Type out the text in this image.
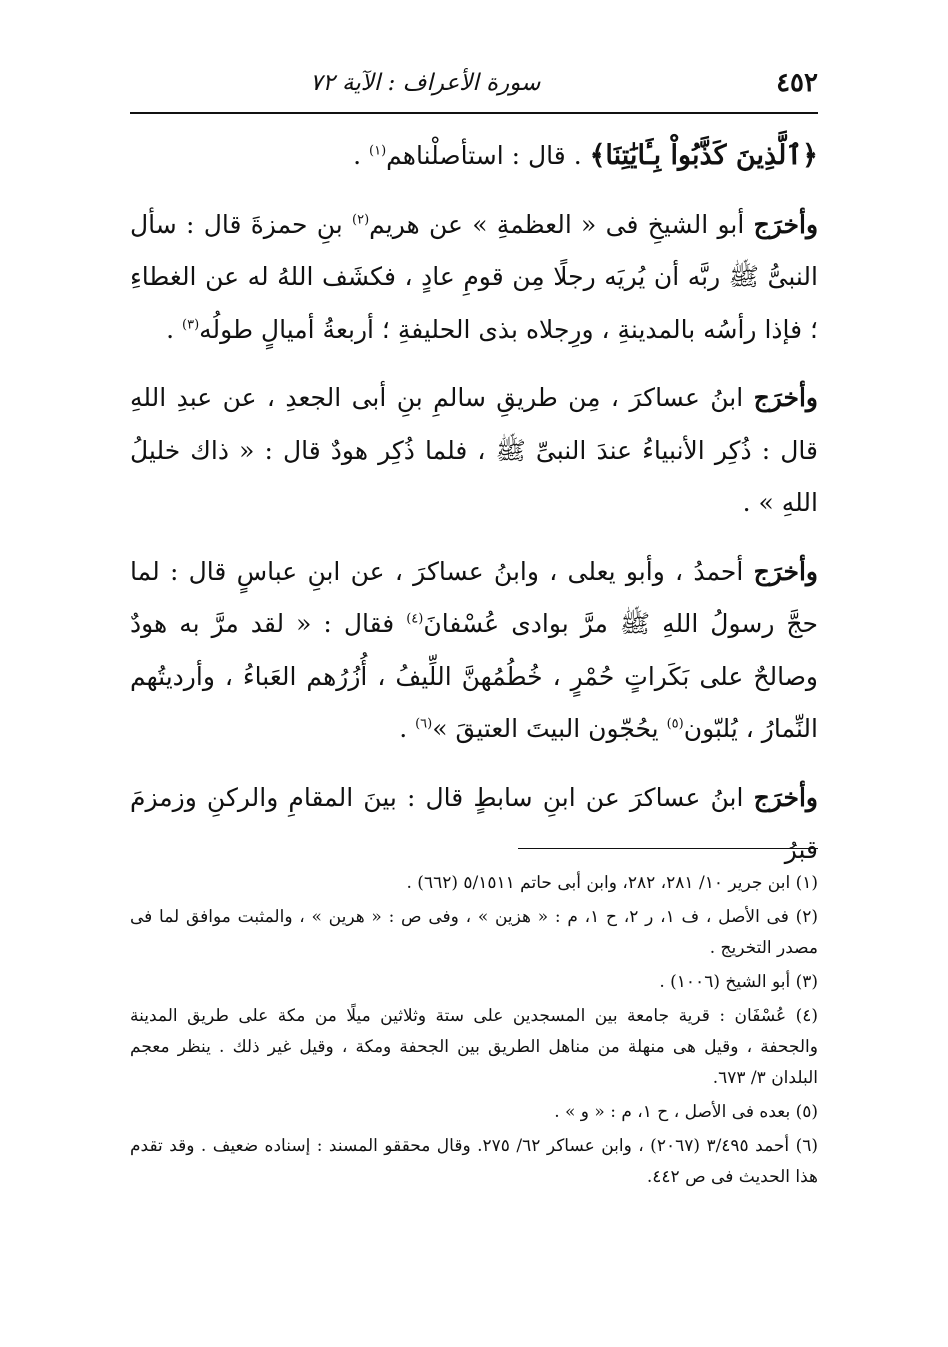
٤٥٢
سورة الأعراف : الآية ٧٢

﴿ٱلَّذِينَ كَذَّبُواْ بِـَٔايَٰتِنَا﴾ . قال : استأصلْناهم$^{(١)}$ .

وأخرَج أبو الشيخِ فى « العظمةِ » عن هريم$^{(٢)}$ بنِ حمزةَ قال : سأل النبىُّ ﷺ ربَّه أن يُريَه رجلًا مِن قومِ عادٍ ، فكشَف اللهُ له عن الغطاءِ ؛ فإذا رأسُه بالمدينةِ ، ورِجلاه بذى الحليفةِ ؛ أربعةُ أميالٍ طولُه$^{(٣)}$ .

وأخرَج ابنُ عساكرَ ، مِن طريقِ سالمِ بنِ أبى الجعدِ ، عن عبدِ اللهِ قال : ذُكِر الأنبياءُ عندَ النبىِّ ﷺ ، فلما ذُكِر هودٌ قال : « ذاك خليلُ اللهِ » .

وأخرَج أحمدُ ، وأبو يعلى ، وابنُ عساكرَ ، عن ابنِ عباسٍ قال : لما حجَّ رسولُ اللهِ ﷺ مرَّ بوادى عُسْفانَ$^{(٤)}$ فقال : « لقد مرَّ به هودٌ وصالحٌ على بَكَراتٍ حُمْرٍ ، خُطُمُهنَّ اللِّيفُ ، أُزُرُهم العَباءُ ، وأرديتُهم النِّمارُ ، يُلبّون$^{(٥)}$ يحُجّون البيتَ العتيقَ »$^{(٦)}$ .

وأخرَج ابنُ عساكرَ عن ابنِ سابطٍ قال : بينَ المقامِ والركنِ وزمزمَ قبرُ

(١) ابن جرير ١٠/ ٢٨١، ٢٨٢، وابن أبى حاتم ٥/١٥١١ (٦٦٢) .

(٢) فى الأصل ، ف ١، ر ٢، ح ١، م : « هزين » ، وفى ص : « هرين » ، والمثبت موافق لما فى مصدر التخريج .

(٣) أبو الشيخ (١٠٠٦) .

(٤) عُسْفَان : قرية جامعة بين المسجدين على ستة وثلاثين ميلًا من مكة على طريق المدينة والجحفة ، وقيل هى منهلة من مناهل الطريق بين الجحفة ومكة ، وقيل غير ذلك . ينظر معجم البلدان ٣/ ٦٧٣.

(٥) بعده فى الأصل ، ح ١، م : « و » .

(٦) أحمد ٣/٤٩٥ (٢٠٦٧) ، وابن عساكر ٦٢/ ٢٧٥. وقال محققو المسند : إسناده ضعيف . وقد تقدم هذا الحديث فى ص ٤٤٢.
